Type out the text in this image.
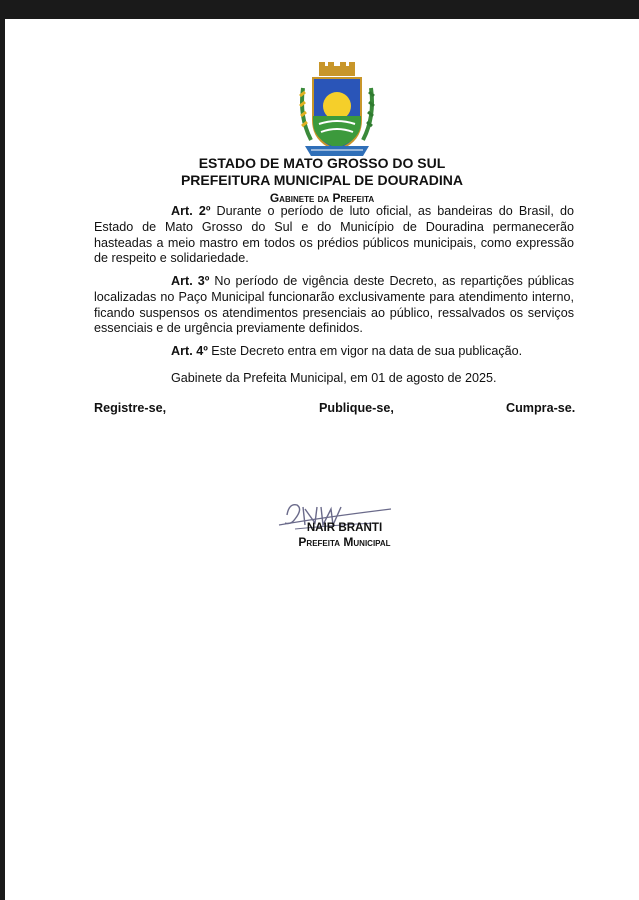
ESTADO DE MATO GROSSO DO SUL
PREFEITURA MUNICIPAL DE DOURADINA
Gabinete da Prefeita

Art. 2º Durante o período de luto oficial, as bandeiras do Brasil, do Estado de Mato Grosso do Sul e do Município de Douradina permanecerão hasteadas a meio mastro em todos os prédios públicos municipais, como expressão de respeito e solidariedade.

Art. 3º No período de vigência deste Decreto, as repartições públicas localizadas no Paço Municipal funcionarão exclusivamente para atendimento interno, ficando suspensos os atendimentos presenciais ao público, ressalvados os serviços essenciais e de urgência previamente definidos.

Art. 4º Este Decreto entra em vigor na data de sua publicação.

Gabinete da Prefeita Municipal, em 01 de agosto de 2025.
Registre-se,	Publique-se,	Cumpra-se.
NAIR BRANTI
Prefeita Municipal
